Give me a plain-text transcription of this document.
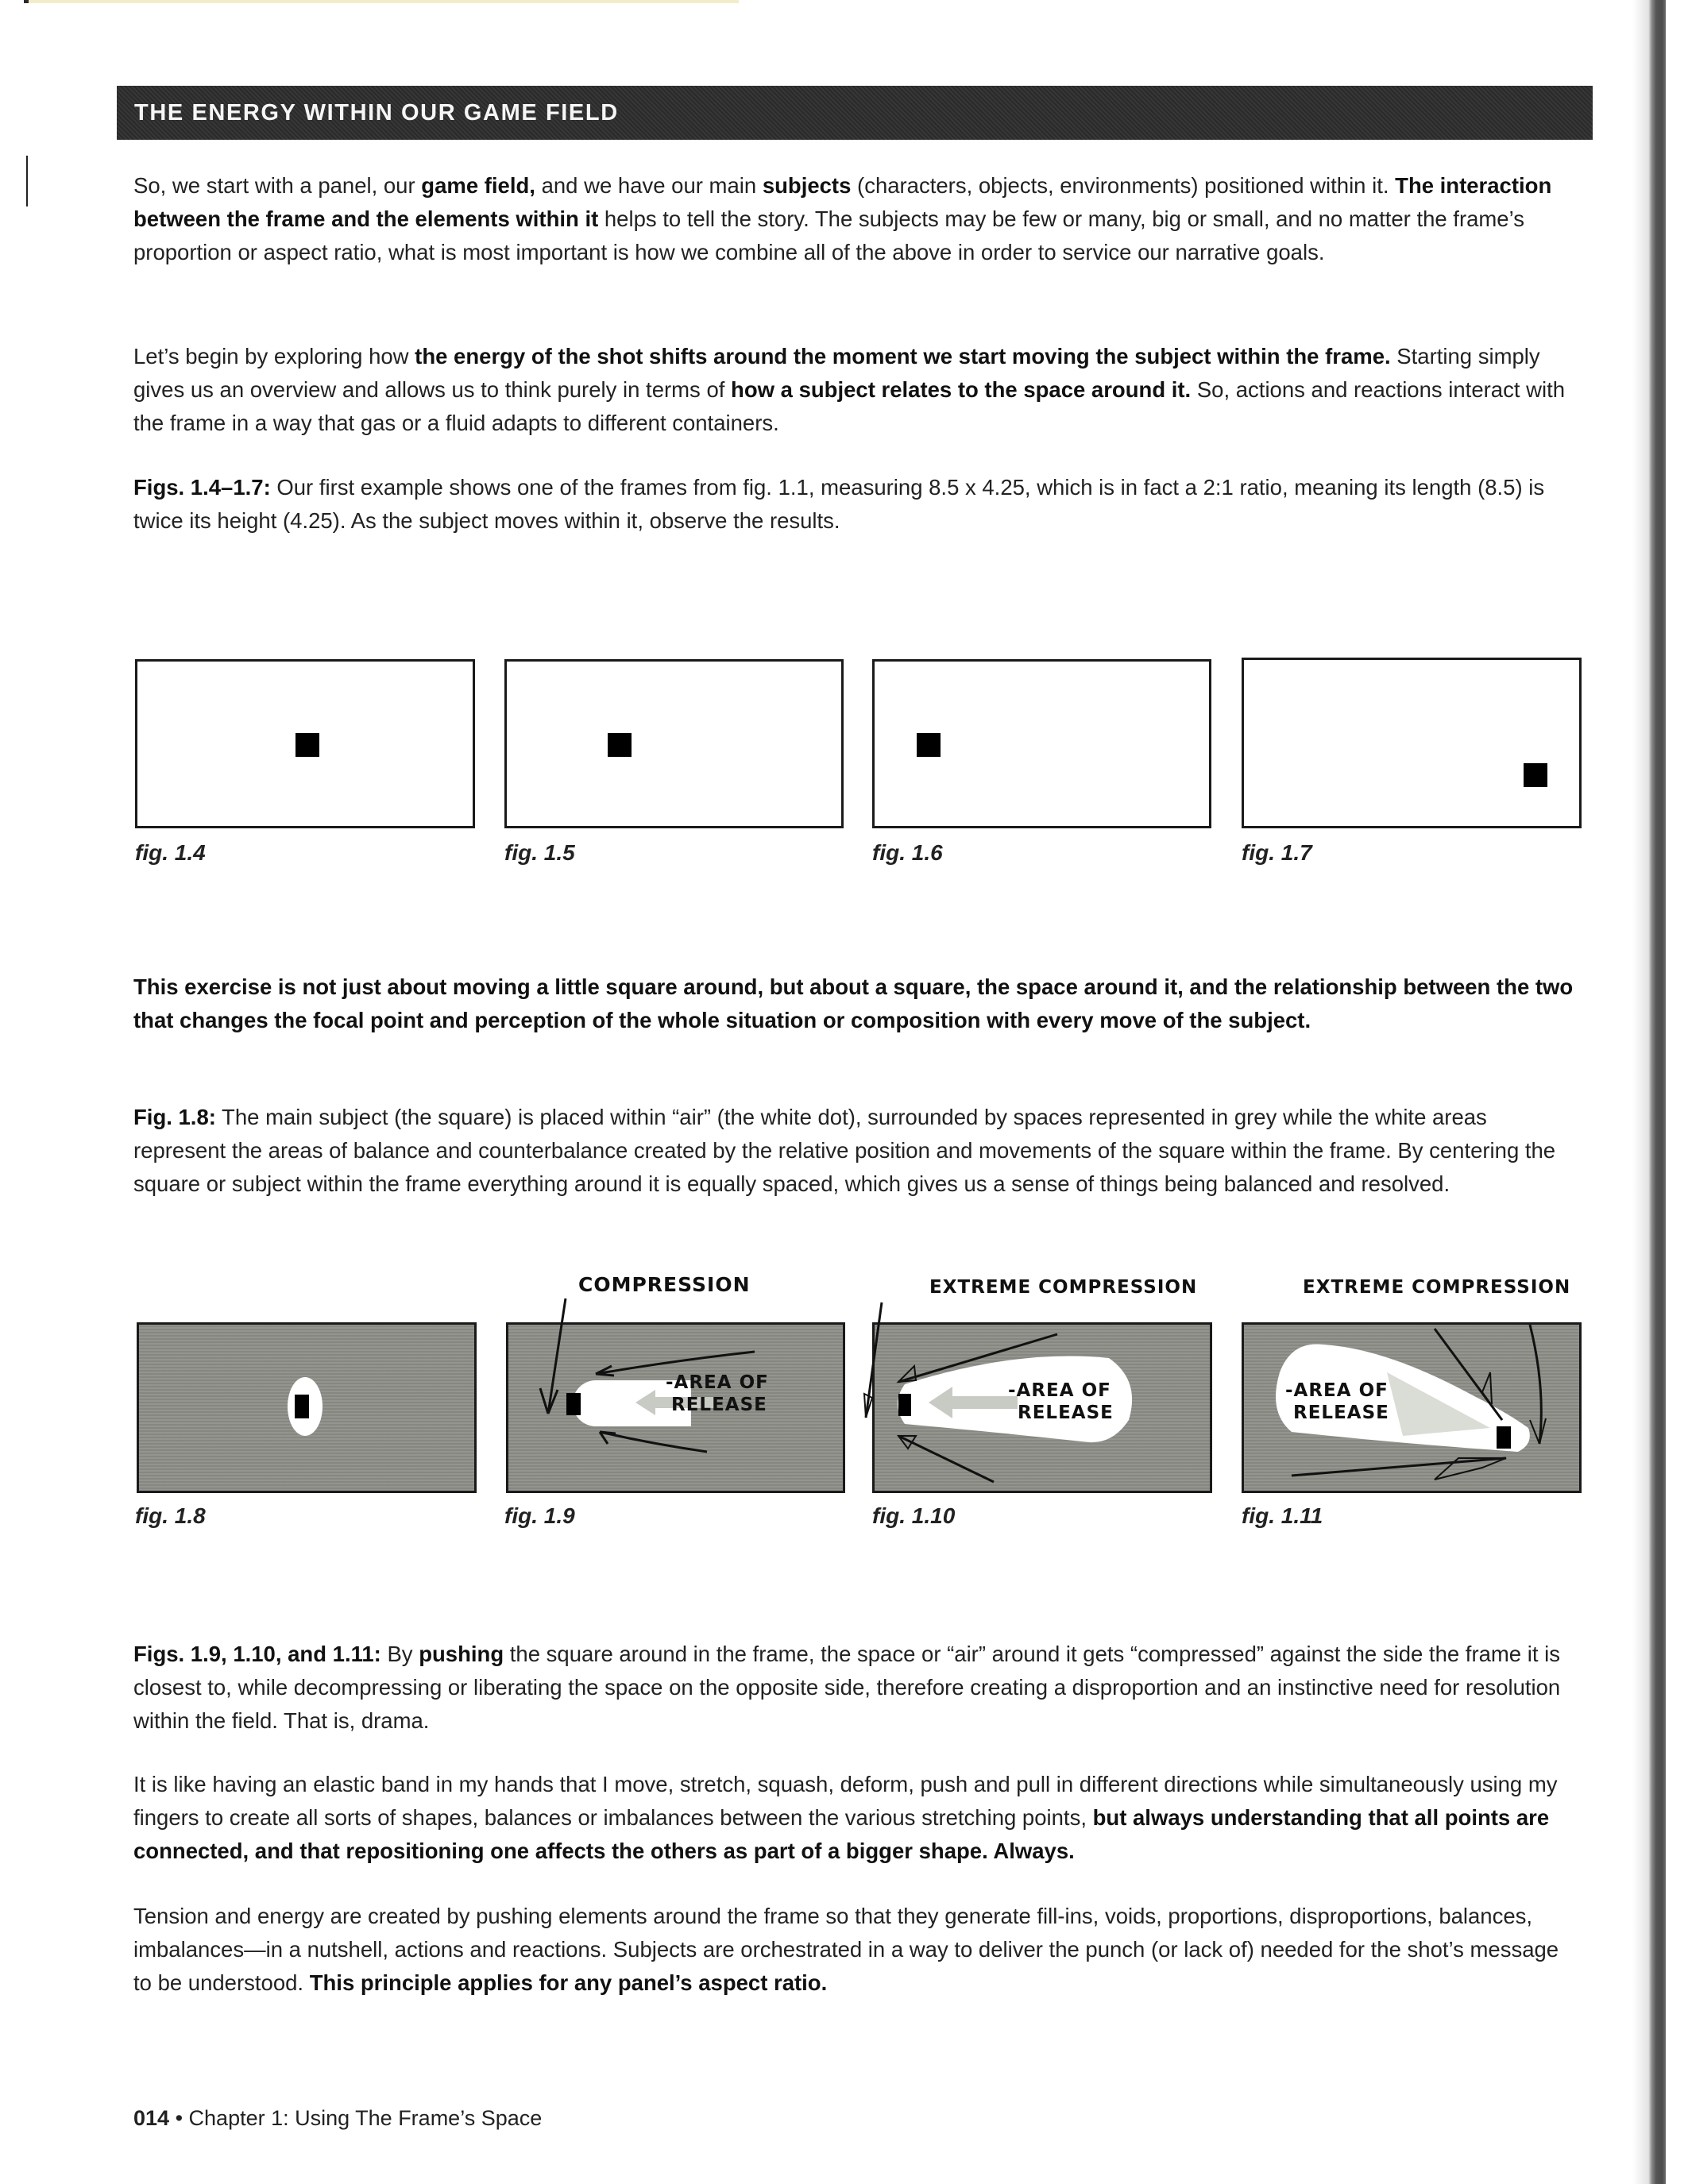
THE ENERGY WITHIN OUR GAME FIELD

So, we start with a panel, our game field, and we have our main subjects (characters, objects, environments) positioned within it. The interaction between the frame and the elements within it helps to tell the story. The subjects may be few or many, big or small, and no matter the frame’s proportion or aspect ratio, what is most important is how we combine all of the above in order to service our narrative goals.

Let’s begin by exploring how the energy of the shot shifts around the moment we start moving the subject within the frame. Starting simply gives us an overview and allows us to think purely in terms of how a subject relates to the space around it. So, actions and reactions interact with the frame in a way that gas or a fluid adapts to different containers.

Figs. 1.4–1.7: Our first example shows one of the frames from fig. 1.1, measuring 8.5 x 4.25, which is in fact a 2:1 ratio, meaning its length (8.5) is twice its height (4.25). As the subject moves within it, observe the results.

fig. 1.4	fig. 1.5	fig. 1.6	fig. 1.7

This exercise is not just about moving a little square around, but about a square, the space around it, and the relationship between the two that changes the focal point and perception of the whole situation or composition with every move of the subject.

Fig. 1.8: The main subject (the square) is placed within “air” (the white dot), surrounded by spaces represented in grey while the white areas represent the areas of balance and counterbalance created by the relative position and movements of the square within the frame. By centering the square or subject within the frame everything around it is equally spaced, which gives us a sense of things being balanced and resolved.

fig. 1.8
COMPRESSION
-AREA OF
RELEASE
fig. 1.9
EXTREME COMPRESSION
-AREA OF
RELEASE
fig. 1.10
EXTREME COMPRESSION
-AREA OF
RELEASE
fig. 1.11

Figs. 1.9, 1.10, and 1.11: By pushing the square around in the frame, the space or “air” around it gets “compressed” against the side the frame it is closest to, while decompressing or liberating the space on the opposite side, therefore creating a disproportion and an instinctive need for resolution within the field. That is, drama.

It is like having an elastic band in my hands that I move, stretch, squash, deform, push and pull in different directions while simultaneously using my fingers to create all sorts of shapes, balances or imbalances between the various stretching points, but always understanding that all points are connected, and that repositioning one affects the others as part of a bigger shape. Always.

Tension and energy are created by pushing elements around the frame so that they generate fill-ins, voids, proportions, disproportions, balances, imbalances—in a nutshell, actions and reactions. Subjects are orchestrated in a way to deliver the punch (or lack of) needed for the shot’s message to be understood. This principle applies for any panel’s aspect ratio.

014 • Chapter 1: Using The Frame’s Space
